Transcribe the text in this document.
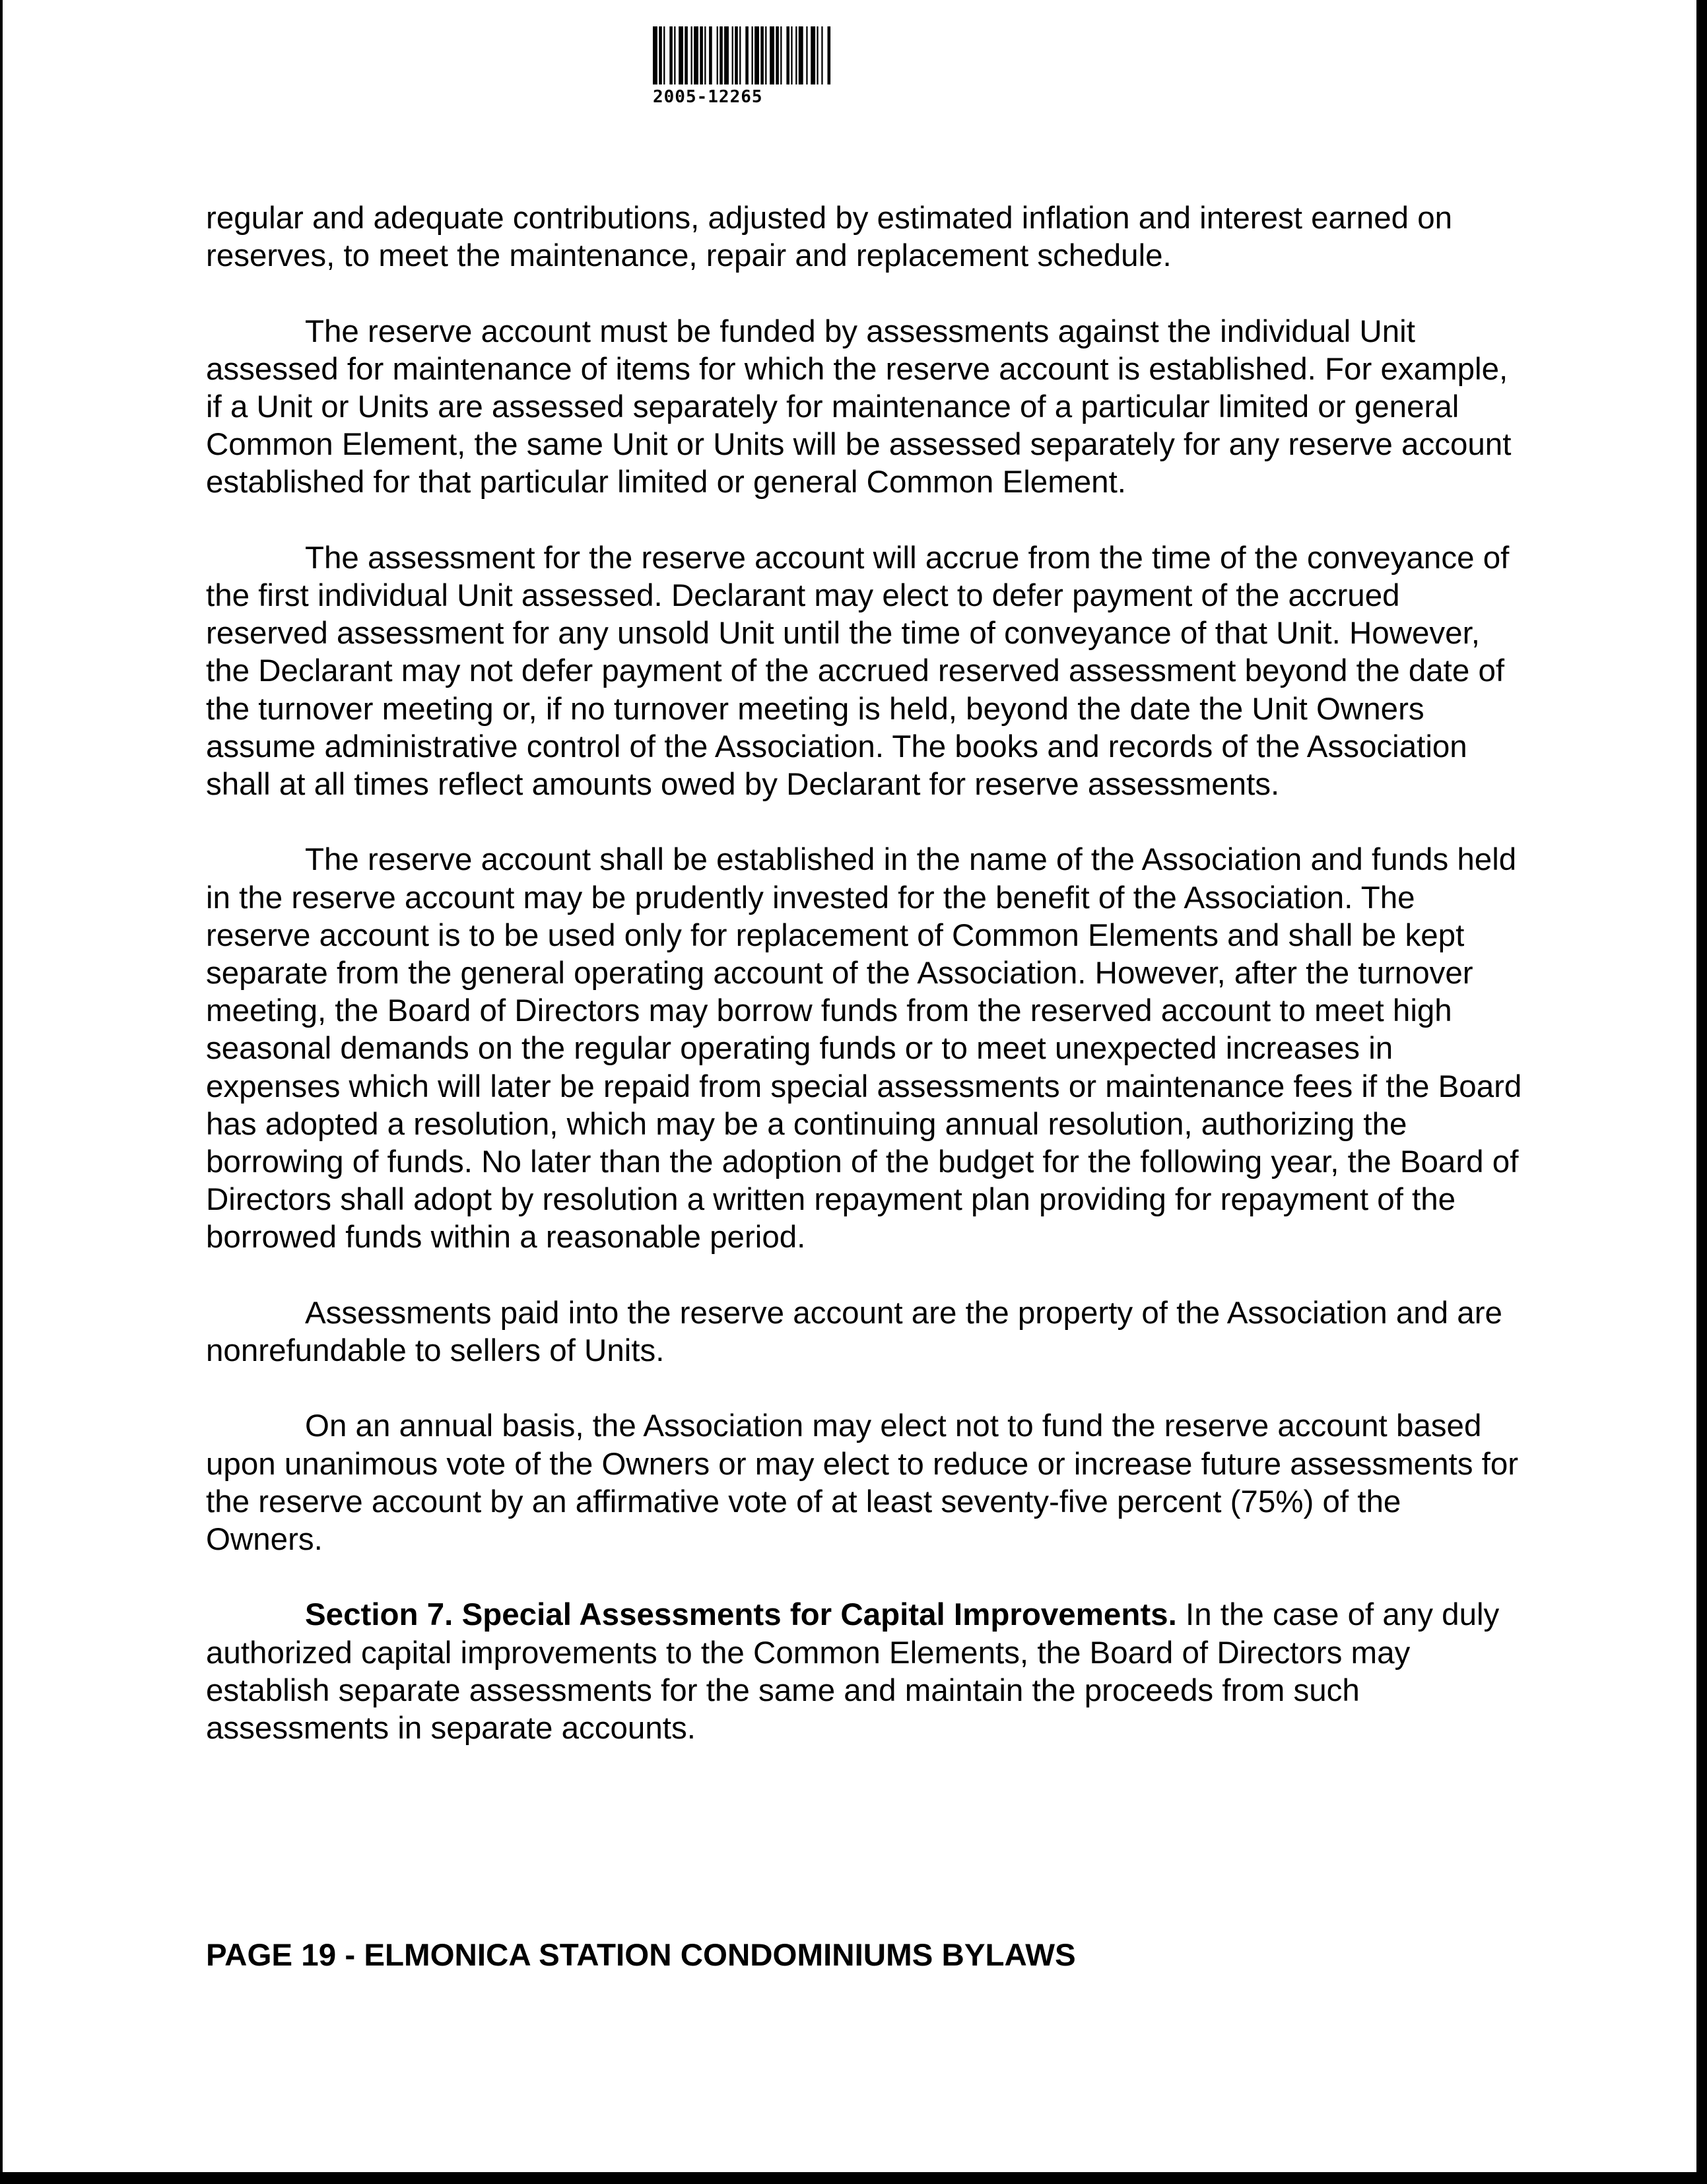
2005-12265

regular and adequate contributions, adjusted by estimated inflation and interest earned on reserves, to meet the maintenance, repair and replacement schedule.

The reserve account must be funded by assessments against the individual Unit assessed for maintenance of items for which the reserve account is established. For example, if a Unit or Units are assessed separately for maintenance of a particular limited or general Common Element, the same Unit or Units will be assessed separately for any reserve account established for that particular limited or general Common Element.

The assessment for the reserve account will accrue from the time of the conveyance of the first individual Unit assessed. Declarant may elect to defer payment of the accrued reserved assessment for any unsold Unit until the time of conveyance of that Unit. However, the Declarant may not defer payment of the accrued reserved assessment beyond the date of the turnover meeting or, if no turnover meeting is held, beyond the date the Unit Owners assume administrative control of the Association. The books and records of the Association shall at all times reflect amounts owed by Declarant for reserve assessments.

The reserve account shall be established in the name of the Association and funds held in the reserve account may be prudently invested for the benefit of the Association. The reserve account is to be used only for replacement of Common Elements and shall be kept separate from the general operating account of the Association. However, after the turnover meeting, the Board of Directors may borrow funds from the reserved account to meet high seasonal demands on the regular operating funds or to meet unexpected increases in expenses which will later be repaid from special assessments or maintenance fees if the Board has adopted a resolution, which may be a continuing annual resolution, authorizing the borrowing of funds. No later than the adoption of the budget for the following year, the Board of Directors shall adopt by resolution a written repayment plan providing for repayment of the borrowed funds within a reasonable period.

Assessments paid into the reserve account are the property of the Association and are nonrefundable to sellers of Units.

On an annual basis, the Association may elect not to fund the reserve account based upon unanimous vote of the Owners or may elect to reduce or increase future assessments for the reserve account by an affirmative vote of at least seventy-five percent (75%) of the Owners.

Section 7. Special Assessments for Capital Improvements. In the case of any duly authorized capital improvements to the Common Elements, the Board of Directors may establish separate assessments for the same and maintain the proceeds from such assessments in separate accounts.

PAGE 19 - ELMONICA STATION CONDOMINIUMS BYLAWS
